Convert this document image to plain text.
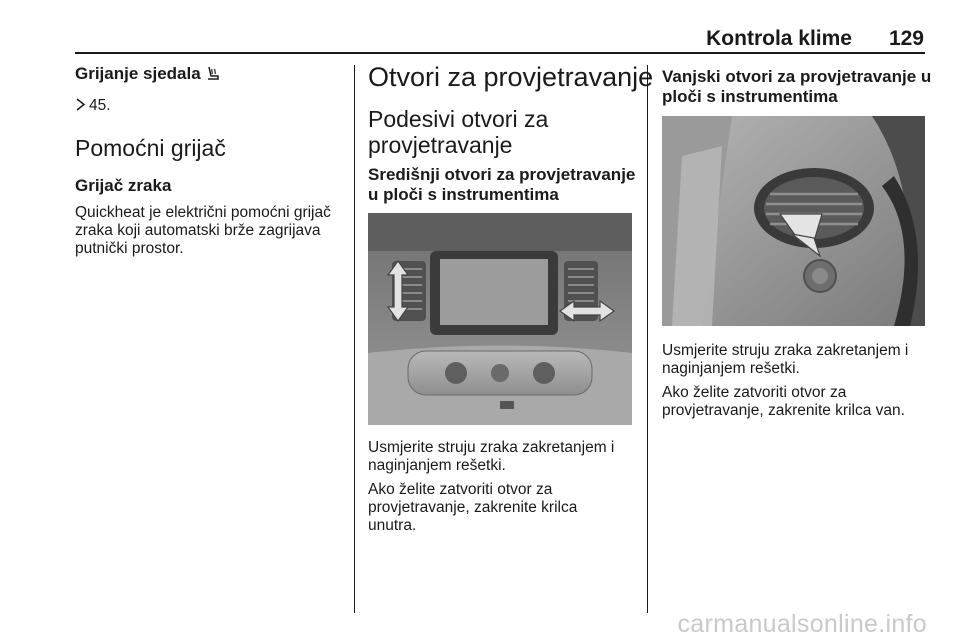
Kontrola klime 129
Grijanje sjedala
45.
Pomoćni grijač
Grijač zraka
Quickheat je električni pomoćni grijač
zraka koji automatski brže zagrijava
putnički prostor.
Otvori za provjetravanje
Podesivi otvori za
provjetravanje
Središnji otvori za provjetravanje
u ploči s instrumentima
Usmjerite struju zraka zakretanjem i
naginjanjem rešetki.
Ako želite zatvoriti otvor za
provjetravanje, zakrenite krilca
unutra.
Vanjski otvori za provjetravanje u
ploči s instrumentima
Usmjerite struju zraka zakretanjem i
naginjanjem rešetki.
Ako želite zatvoriti otvor za
provjetravanje, zakrenite krilca van.
carmanualsonline.info
